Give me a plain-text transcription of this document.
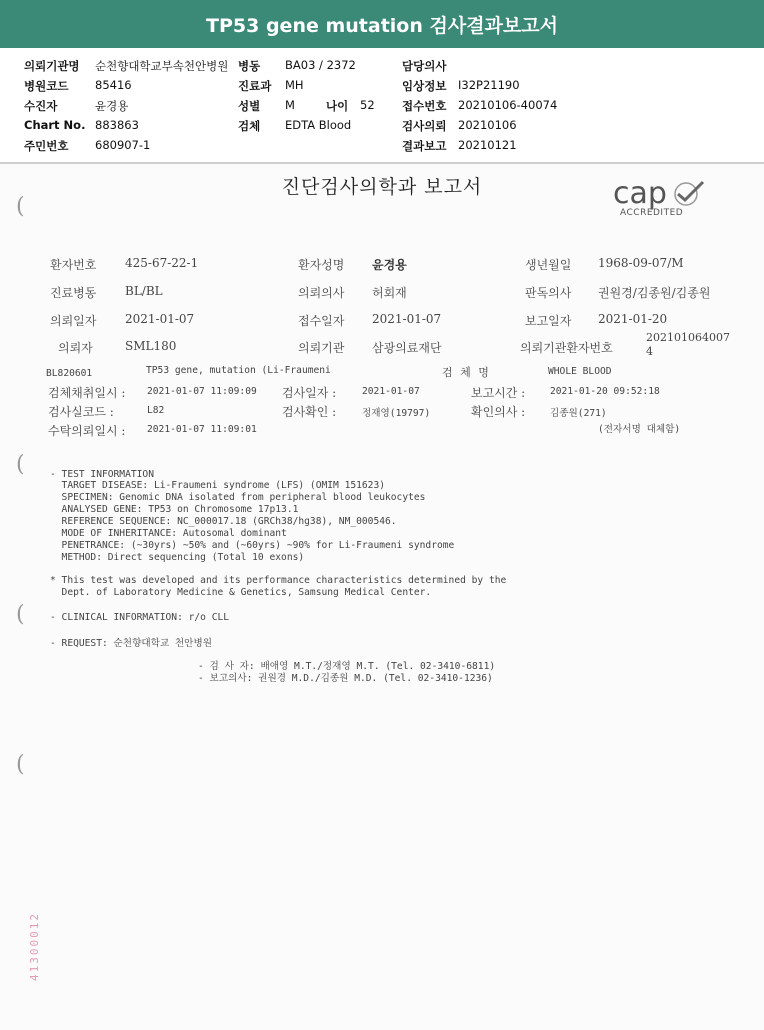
TP53 gene mutation 검사결과보고서
의뢰기관명 순천향대학교부속천안병원 병동 BA03 / 2372	담당의사
병원코드 85416	진료과 MH	임상정보 I32P21190
수진자	윤경용	성별 M	나이 52 접수번호 20210106-40074
Chart No. 883863	검체 EDTA Blood	검사의뢰 20210106
주민번호 680907-1	결과보고 20210121
진단검사의학과 보고서	cap
ACCREDITED
(
(
(
(
환자번호 425-67-22-1	환자성명 윤경용	생년월일 1968-09-07/M
진료병동 BL/BL	의뢰의사 허회재	판독의사 권원경/김종원/김종원
의뢰일자 2021-01-07	접수일자 2021-01-07	보고일자 2021-01-20
의뢰자	SML180	의뢰기관 삼광의료재단	의뢰기관환자번호
202101064007
4
BL820601	TP53 gene, mutation (Li-Fraumeni	검 체 명	WHOLE BLOOD
검체채취일시 : 2021-01-07 11:09:09 검사일자 :	2021-01-07	보고시간 :	2021-01-20 09:52:18
검사실코드 :	L82	검사확인 :	정재영(19797)	확인의사 :	김종원(271)
수탁의뢰일시 : 2021-01-07 11:09:01	(전자서명 대체함)
- TEST INFORMATION
TARGET DISEASE: Li-Fraumeni syndrome (LFS) (OMIM 151623)
SPECIMEN: Genomic DNA isolated from peripheral blood leukocytes
ANALYSED GENE: TP53 on Chromosome 17p13.1
REFERENCE SEQUENCE: NC_000017.18 (GRCh38/hg38), NM_000546.
MODE OF INHERITANCE: Autosomal dominant
PENETRANCE: (~30yrs) ~50% and (~60yrs) ~90% for Li-Fraumeni syndrome
METHOD: Direct sequencing (Total 10 exons)
* This test was developed and its performance characteristics determined by the
Dept. of Laboratory Medicine & Genetics, Samsung Medical Center.
- CLINICAL INFORMATION: r/o CLL
- REQUEST: 순천향대학교 천안병원
- 검 사 자: 배애영 M.T./정재영 M.T. (Tel. 02-3410-6811)
- 보고의사: 권원경 M.D./김종원 M.D. (Tel. 02-3410-1236)
41300012
